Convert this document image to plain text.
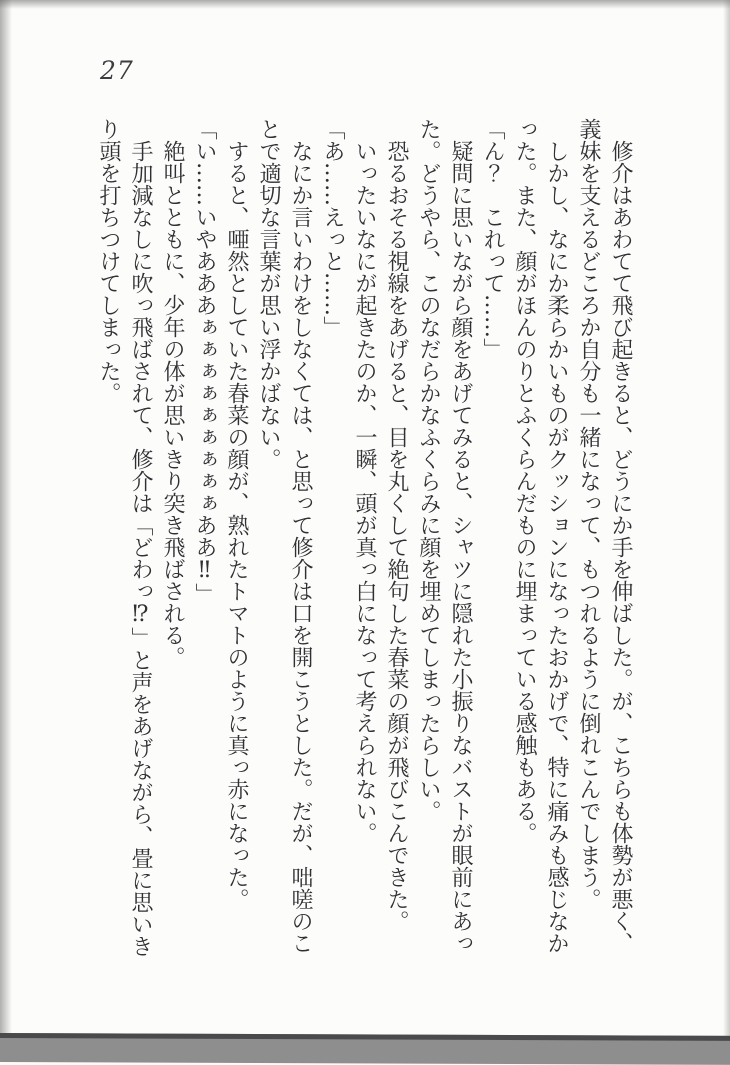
27

修介はあわてて飛び起きると、どうにか手を伸ばした。が、こちらも体勢が悪く、義妹を支えるどころか自分も一緒になって、もつれるように倒れこんでしまう。

しかし、なにか柔らかいものがクッションになったおかげで、特に痛みも感じなかった。また、顔がほんのりとふくらんだものに埋まっている感触もある。

「ん？　これって……」

疑問に思いながら顔をあげてみると、シャツに隠れた小振りなバストが眼前にあった。どうやら、このなだらかなふくらみに顔を埋めてしまったらしい。

恐るおそる視線をあげると、目を丸くして絶句した春菜の顔が飛びこんできた。

いったいなにが起きたのか、一瞬、頭が真っ白になって考えられない。

「あ……えっと……」

なにか言いわけをしなくては、と思って修介は口を開こうとした。だが、咄嗟のことで適切な言葉が思い浮かばない。

すると、唖然としていた春菜の顔が、熟れたトマトのように真っ赤になった。

「い……いやあああぁぁぁぁぁぁぁぁぁああ‼」

絶叫とともに、少年の体が思いきり突き飛ばされる。

手加減なしに吹っ飛ばされて、修介は「どわっ⁉」と声をあげながら、畳に思いきり頭を打ちつけてしまった。
